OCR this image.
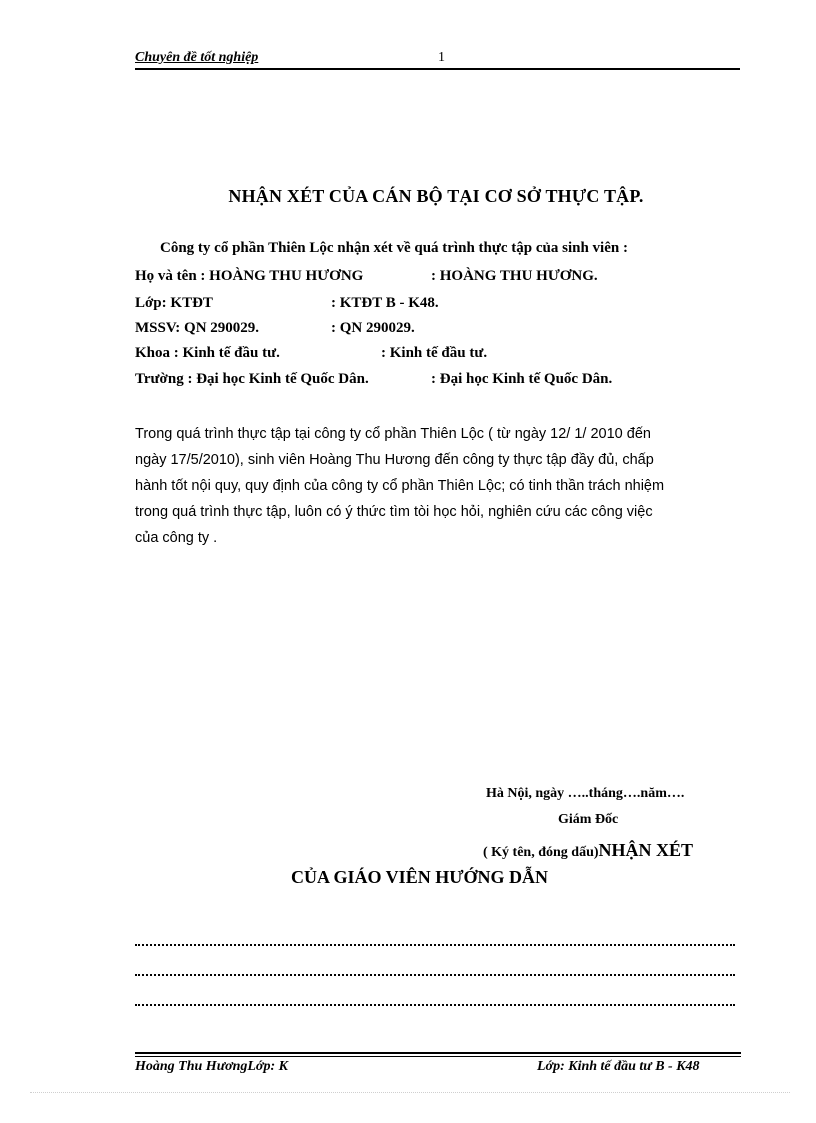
Chuyên đề tốt nghiệp	1
NHẬN XÉT CỦA CÁN BỘ TẠI CƠ SỞ THỰC TẬP.
Công ty cổ phần Thiên Lộc nhận xét về quá trình thực tập của sinh viên :
Họ và tên : HOÀNG THU HƯƠNG	: HOÀNG THU HƯƠNG.
Lớp: KTĐT	: KTĐT B - K48.
MSSV: QN 290029.	: QN 290029.
Khoa : Kinh tế đầu tư.	: Kinh tế đầu tư.
Trường : Đại học Kinh tế Quốc Dân.	: Đại học Kinh tế Quốc Dân.
Trong quá trình thực tập tại công ty cổ phần Thiên Lộc ( từ ngày 12/ 1/ 2010 đến
ngày 17/5/2010), sinh viên Hoàng Thu Hương đến công ty thực tập đầy đủ, chấp
hành tốt nội quy, quy định của công ty cổ phần Thiên Lộc; có tinh thần trách nhiệm
trong quá trình thực tập, luôn có ý thức tìm tòi học hỏi, nghiên cứu các công việc
của công ty .
Hà Nội, ngày …..tháng….năm….
Giám Đốc
( Ký tên, đóng dấu)NHẬN XÉT
CỦA GIÁO VIÊN HƯỚNG DẪN
Hoàng Thu HươngLớp: K	Lớp: Kinh tế đầu tư B - K48
